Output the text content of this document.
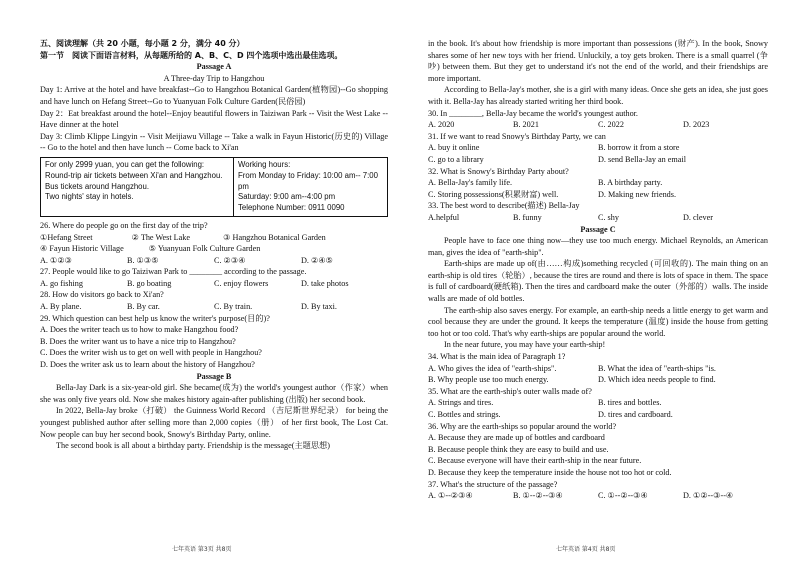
五、阅读理解（共 20 小题，每小题 2 分，满分 40 分）

第一节　阅读下面语言材料，从每题所给的 A、B、C、D 四个选项中选出最佳选项。

Passage A

A Three-day Trip to Hangzhou

Day 1: Arrive at the hotel and have breakfast--Go to Hangzhou Botanical Garden(植物园)--Go shopping and have lunch on Hefang Street--Go to Yuanyuan Folk Culture Garden(民俗园)

Day 2：Eat breakfast around the hotel--Enjoy beautiful flowers in Taiziwan Park -- Visit the West Lake -- Have dinner at the hotel

Day 3: Climb Klippe Lingyin -- Visit Meijiawu Village -- Take a walk in Fayun Historic(历史的) Village -- Go to the hotel and then have lunch -- Come back to Xi'an

For only 2999 yuan, you can get the following:
Round-trip air tickets between Xi'an and Hangzhou.
Bus tickets around Hangzhou.
Two nights' stay in hotels.
Working hours:
From Monday to Friday: 10:00 am-- 7:00 pm
Saturday: 9:00 am--4:00 pm
Telephone Number: 0911 0090

26. Where do people go on the first day of the trip?

①Hefang Street	② The West Lake	③ Hangzhou Botanical Garden
④ Fayun Historic Village	⑤ Yuanyuan Folk Culture Garden
A. ①②③	B. ①③⑤	C. ②③④	D. ②④⑤

27. People would like to go Taiziwan Park to ________ according to the passage.

A. go fishing	B. go boating	C. enjoy flowers	D. take photos

28. How do visitors go back to Xi'an?

A. By plane.	B. By car.	C. By train.	D. By taxi.

29. Which question can best help us know the writer's purpose(目的)?

A. Does the writer teach us to how to make Hangzhou food?

B. Does the writer want us to have a nice trip to Hangzhou?

C. Does the writer wish us to get on well with people in Hangzhou?

D. Does the writer ask us to learn about the history of Hangzhou?

Passage B

Bella-Jay Dark is a six-year-old girl. She became(成为) the world's youngest author（作家）when she was only five years old. Now she makes history again-after publishing (出版) her second book.

In 2022, Bella-Jay broke（打破） the Guinness World Record （吉尼斯世界纪录） for being the youngest published author after selling more than 2,000 copies（册） of her first book, The Lost Cat. Now people can buy her second book, Snowy's Birthday Party, online.

The second book is all about a birthday party. Friendship is the message(主题思想)

in the book. It's about how friendship is more important than possessions (财产). In the book, Snowy shares some of her new toys with her friend. Unluckily, a toy gets broken. There is a small quarrel (争吵) between them. But they get to understand it's not the end of the world, and their friendships are more important.

According to Bella-Jay's mother, she is a girl with many ideas. Once she gets an idea, she just goes with it. Bella-Jay has already started writing her third book.

30. In ________, Bella-Jay became the world's youngest author.

A. 2020	B. 2021	C. 2022	D. 2023

31. If we want to read Snowy's Birthday Party, we can

A. buy it online	B. borrow it from a store
C. go to a library	D. send Bella-Jay an email

32. What is Snowy's Birthday Party about?

A. Bella-Jay's family life.	B. A birthday party.
C. Storing possessions(积累财富) well.	D. Making new friends.

33. The best word to describe(描述) Bella-Jay

A.helpful	B. funny	C. shy	D. clever

Passage C

People have to face one thing now—they use too much energy. Michael Reynolds, an American man, gives the idea of "earth-ship".

Earth-ships are made up of(由……构成)something recycled (可回收的). The main thing on an earth-ship is old tires（轮胎）, because the tires are round and there is lots of space in them. The space is full of cardboard(硬纸箱). Then the tires and cardboard make the outer（外部的）walls. The inside walls are made of old bottles.

The earth-ship also saves energy. For example, an earth-ship needs a little energy to get warm and cool because they are under the ground. It keeps the temperature (温度) inside the house from getting too hot or too cold. That's why earth-ships are popular around the world.

In the near future, you may have your earth-ship!

34. What is the main idea of Paragraph 1?

A. Who gives the idea of "earth-ships".	B. What the idea of "earth-ships "is.
B. Why people use too much energy.	D. Which idea needs people to find.

35. What are the earth-ship's outer walls made of?

A. Strings and tires.	B. tires and bottles.
C. Bottles and strings.	D. tires and cardboard.

36. Why are the earth-ships so popular around the world?

A. Because they are made up of bottles and cardboard

B. Because people think they are easy to build and use.

C. Because everyone will have their earth-ship in the near future.

D. Because they keep the temperature inside the house not too hot or cold.

37. What's the structure of the passage?

A. ①--②③④	B. ①--②--③④	C. ①--②--③④	D. ①②--③--④
七年英语 第3页 共8页	七年英语 第4页 共8页
